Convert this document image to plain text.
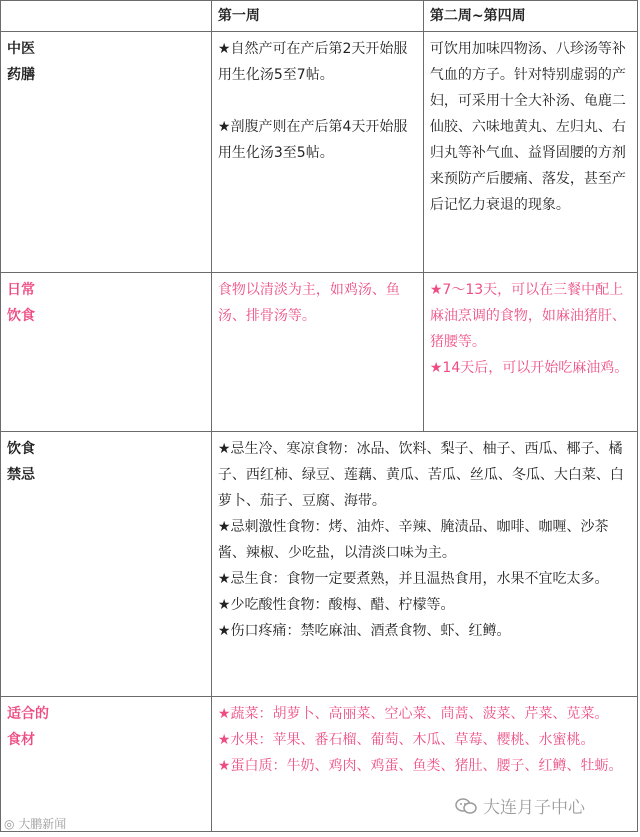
	第一周	第二周~第四周

中医
药膳	★自然产可在产后第2天开始服用生化汤5至7帖。
★剖腹产则在产后第4天开始服用生化汤3至5帖。	可饮用加味四物汤、八珍汤等补气血的方子。针对特别虚弱的产妇，可采用十全大补汤、龟鹿二仙胶、六味地黄丸、左归丸、右归丸等补气血、益肾固腰的方剂来预防产后腰痛、落发，甚至产后记忆力衰退的现象。

日常
饮食	食物以清淡为主，如鸡汤、鱼汤、排骨汤等。	★7～13天，可以在三餐中配上麻油烹调的食物，如麻油猪肝、猪腰等。
★14天后，可以开始吃麻油鸡。

饮食
禁忌	★忌生冷、寒凉食物：冰品、饮料、梨子、柚子、西瓜、椰子、橘子、西红柿、绿豆、莲藕、黄瓜、苦瓜、丝瓜、冬瓜、大白菜、白萝卜、茄子、豆腐、海带。
★忌刺激性食物：烤、油炸、辛辣、腌渍品、咖啡、咖喱、沙茶酱、辣椒、少吃盐，以清淡口味为主。
★忌生食：食物一定要煮熟，并且温热食用，水果不宜吃太多。
★少吃酸性食物：酸梅、醋、柠檬等。
★伤口疼痛：禁吃麻油、酒煮食物、虾、红鳟。	

适合的
食材	★蔬菜：胡萝卜、高丽菜、空心菜、茼蒿、菠菜、芹菜、苋菜。
★水果：苹果、番石榴、葡萄、木瓜、草莓、樱桃、水蜜桃。
★蛋白质：牛奶、鸡肉、鸡蛋、鱼类、猪肚、腰子、红鳟、牡蛎。	
◎ 大鹏新闻
大连月子中心
